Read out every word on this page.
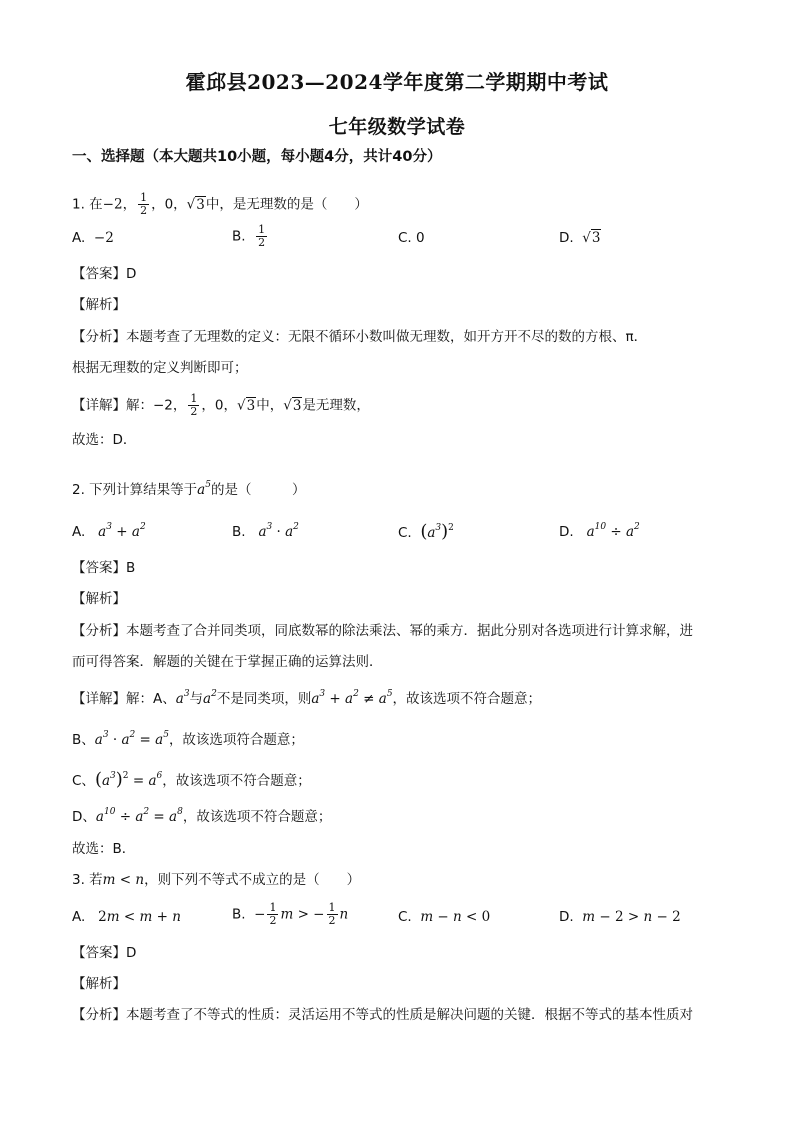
霍邱县2023—2024学年度第二学期期中考试
七年级数学试卷
一、选择题（本大题共10小题，每小题4分，共计40分）
1. 在−2， $\frac{1}{2}$ ，0，√3中，是无理数的是（　　）
A. −2	B. $\frac{1}{2}$	C. 0	D. √3
【答案】D
【解析】
【分析】本题考查了无理数的定义：无限不循环小数叫做无理数，如开方开不尽的数的方根、π．
根据无理数的定义判断即可；
【详解】解：−2， $\frac{1}{2}$ ，0，√3中，√3是无理数，
故选：D．
2. 下列计算结果等于$a^5$的是（　　　）
A. $a^3 + a^2$	B. $a^3 \cdot a^2$	C. $(a^3)^2$	D. $a^{10} \div a^2$
【答案】B
【解析】
【分析】本题考查了合并同类项，同底数幂的除法乘法、幂的乘方．据此分别对各选项进行计算求解，进
而可得答案．解题的关键在于掌握正确的运算法则．
【详解】解：A、$a^3$与$a^2$不是同类项，则$a^3 + a^2 \ne a^5$，故该选项不符合题意；
B、$a^3 \cdot a^2 = a^5$，故该选项符合题意；
C、$(a^3)^2 = a^6$，故该选项不符合题意；
D、$a^{10} \div a^2 = a^8$，故该选项不符合题意；
故选：B．
3. 若m < n，则下列不等式不成立的是（　　）
A. 2m < m + n	B. − $\frac{1}{2}$ m > − $\frac{1}{2}$ n	C. m − n < 0	D. m − 2 > n − 2
【答案】D
【解析】
【分析】本题考查了不等式的性质：灵活运用不等式的性质是解决问题的关键．根据不等式的基本性质对
